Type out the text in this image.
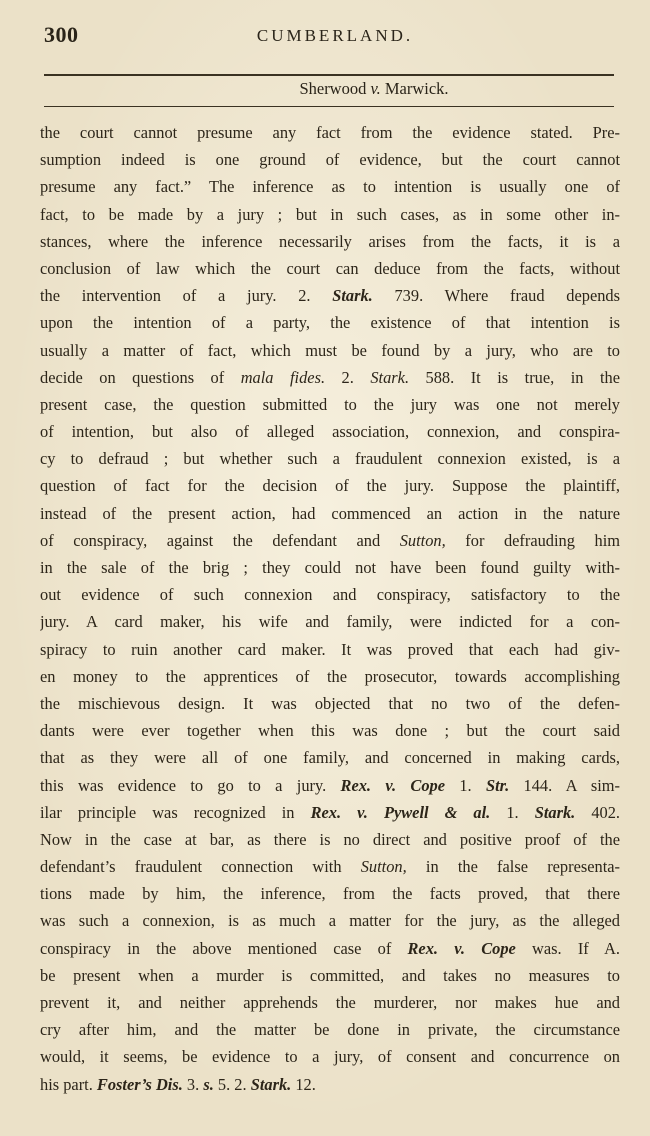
300	CUMBERLAND.
Sherwood v. Marwick.
the court cannot presume any fact from the evidence stated. Pre-
sumption indeed is one ground of evidence, but the court cannot
presume any fact.” The inference as to intention is usually one of
fact, to be made by a jury ; but in such cases, as in some other in-
stances, where the inference necessarily arises from the facts, it is a
conclusion of law which the court can deduce from the facts, without
the intervention of a jury. 2. Stark. 739. Where fraud depends
upon the intention of a party, the existence of that intention is
usually a matter of fact, which must be found by a jury, who are to
decide on questions of mala fides. 2. Stark. 588. It is true, in the
present case, the question submitted to the jury was one not merely
of intention, but also of alleged association, connexion, and conspira-
cy to defraud ; but whether such a fraudulent connexion existed, is a
question of fact for the decision of the jury. Suppose the plaintiff,
instead of the present action, had commenced an action in the nature
of conspiracy, against the defendant and Sutton, for defrauding him
in the sale of the brig ; they could not have been found guilty with-
out evidence of such connexion and conspiracy, satisfactory to the
jury. A card maker, his wife and family, were indicted for a con-
spiracy to ruin another card maker. It was proved that each had giv-
en money to the apprentices of the prosecutor, towards accomplishing
the mischievous design. It was objected that no two of the defen-
dants were ever together when this was done ; but the court said
that as they were all of one family, and concerned in making cards,
this was evidence to go to a jury. Rex. v. Cope 1. Str. 144. A sim-
ilar principle was recognized in Rex. v. Pywell & al. 1. Stark. 402.
Now in the case at bar, as there is no direct and positive proof of the
defendant’s fraudulent connection with Sutton, in the false representa-
tions made by him, the inference, from the facts proved, that there
was such a connexion, is as much a matter for the jury, as the alleged
conspiracy in the above mentioned case of Rex. v. Cope was. If A.
be present when a murder is committed, and takes no measures to
prevent it, and neither apprehends the murderer, nor makes hue and
cry after him, and the matter be done in private, the circumstance
would, it seems, be evidence to a jury, of consent and concurrence on
his part. Foster’s Dis. 3. s. 5. 2. Stark. 12.
